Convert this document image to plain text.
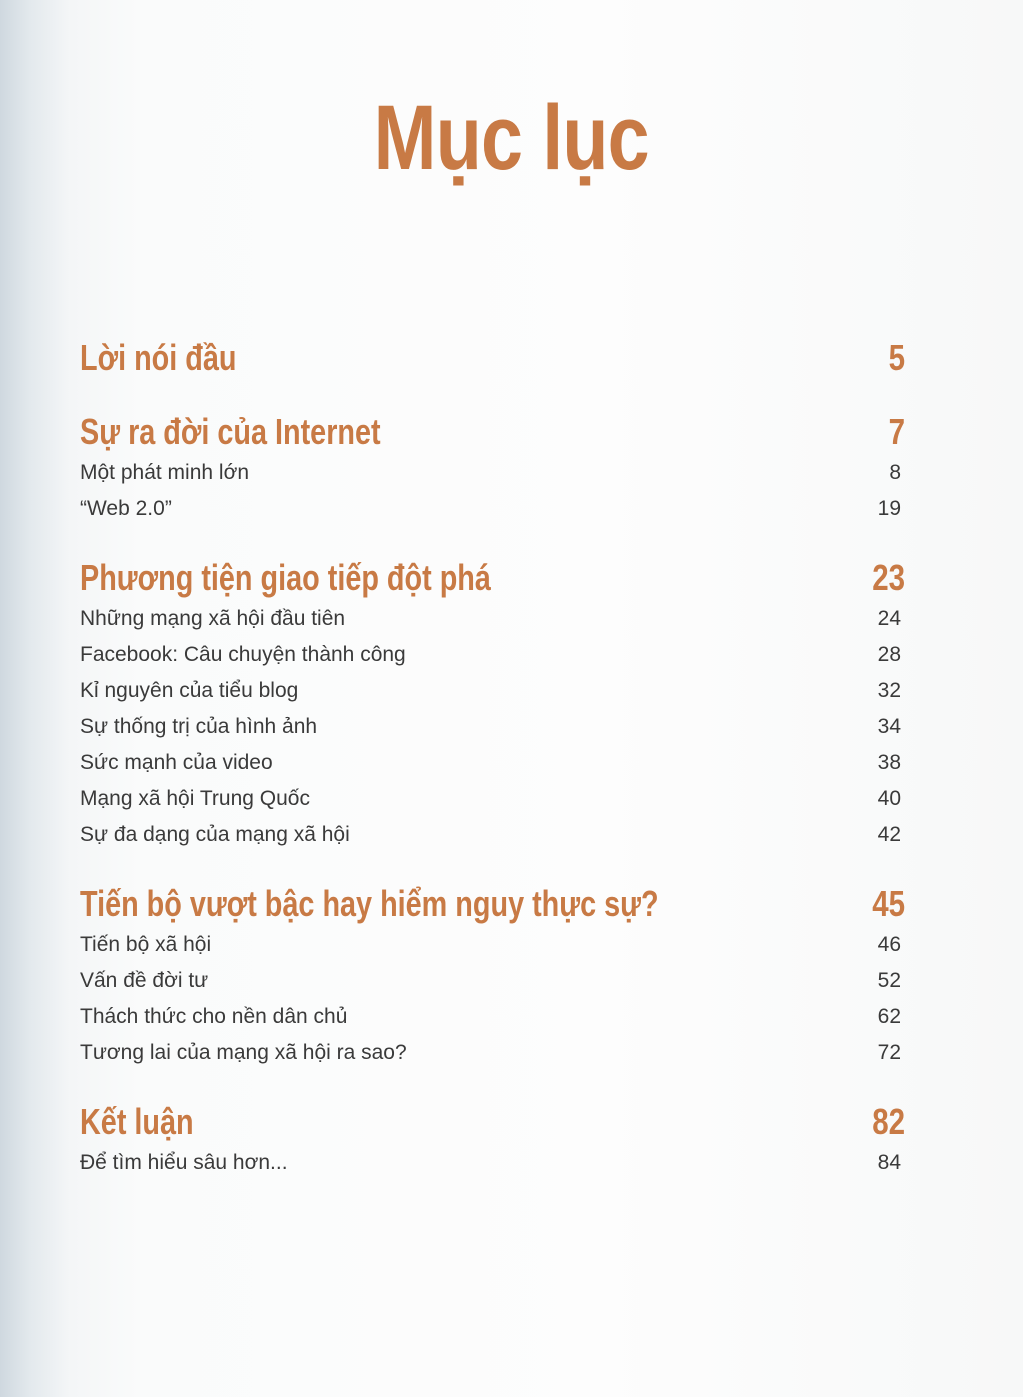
Mục lục
Lời nói đầu	5
Sự ra đời của Internet	7
Một phát minh lớn	8
“Web 2.0”	19
Phương tiện giao tiếp đột phá	23
Những mạng xã hội đầu tiên	24
Facebook: Câu chuyện thành công	28
Kỉ nguyên của tiểu blog	32
Sự thống trị của hình ảnh	34
Sức mạnh của video	38
Mạng xã hội Trung Quốc	40
Sự đa dạng của mạng xã hội	42
Tiến bộ vượt bậc hay hiểm nguy thực sự?	45
Tiến bộ xã hội	46
Vấn đề đời tư	52
Thách thức cho nền dân chủ	62
Tương lai của mạng xã hội ra sao?	72
Kết luận	82
Để tìm hiểu sâu hơn...	84
